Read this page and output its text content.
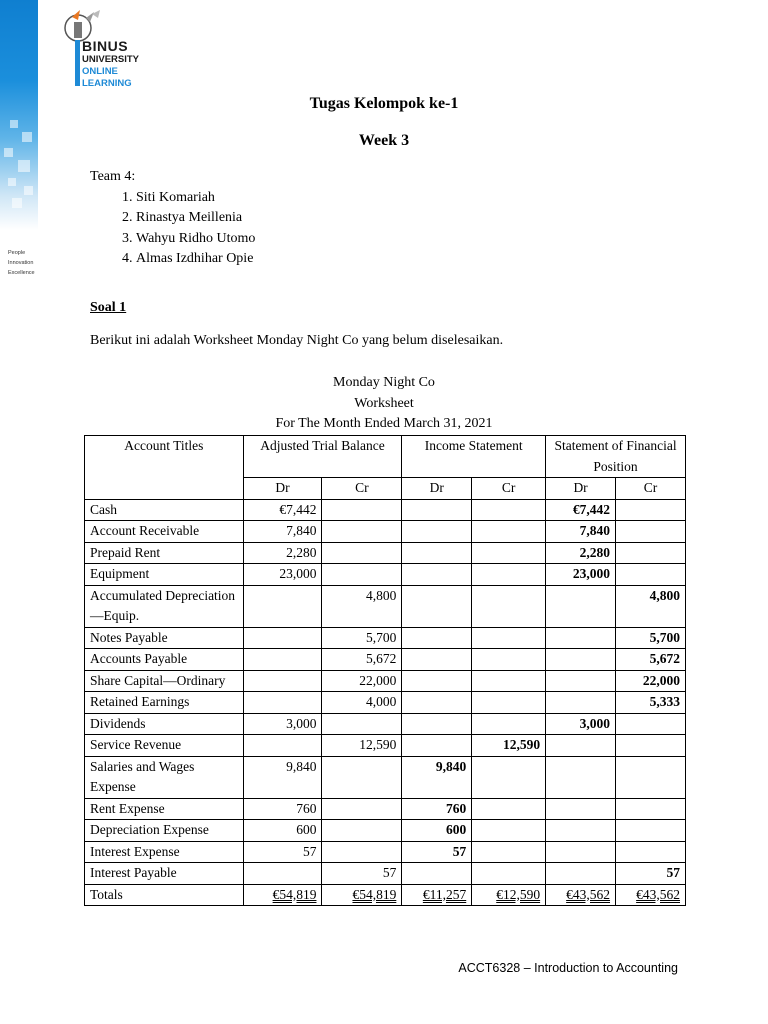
People
Innovation
Excellence
BINUS
UNIVERSITY
ONLINE
LEARNING
Tugas Kelompok ke-1
Week 3
Team 4:
1. Siti Komariah
2. Rinastya Meillenia
3. Wahyu Ridho Utomo
4. Almas Izdhihar Opie
Soal 1
Berikut ini adalah Worksheet Monday Night Co yang belum diselesaikan.
Monday Night Co
Worksheet
For The Month Ended March 31, 2021
Account Titles	Adjusted Trial Balance		Income Statement		Statement of Financial Position	
	Dr	Cr	Dr	Cr	Dr	Cr
Cash	€7,442				€7,442	
Account Receivable	7,840				7,840	
Prepaid Rent	2,280				2,280	
Equipment	23,000				23,000	
Accumulated Depreciation—Equip.		4,800				4,800
Notes Payable		5,700				5,700
Accounts Payable		5,672				5,672
Share Capital—Ordinary		22,000				22,000
Retained Earnings		4,000				5,333
Dividends	3,000				3,000	
Service Revenue		12,590		12,590		
Salaries and Wages Expense	9,840		9,840			
Rent Expense	760		760			
Depreciation Expense	600		600			
Interest Expense	57		57			
Interest Payable		57				57
Totals	€54,819	€54,819	€11,257	€12,590	€43,562	€43,562
ACCT6328 – Introduction to Accounting
